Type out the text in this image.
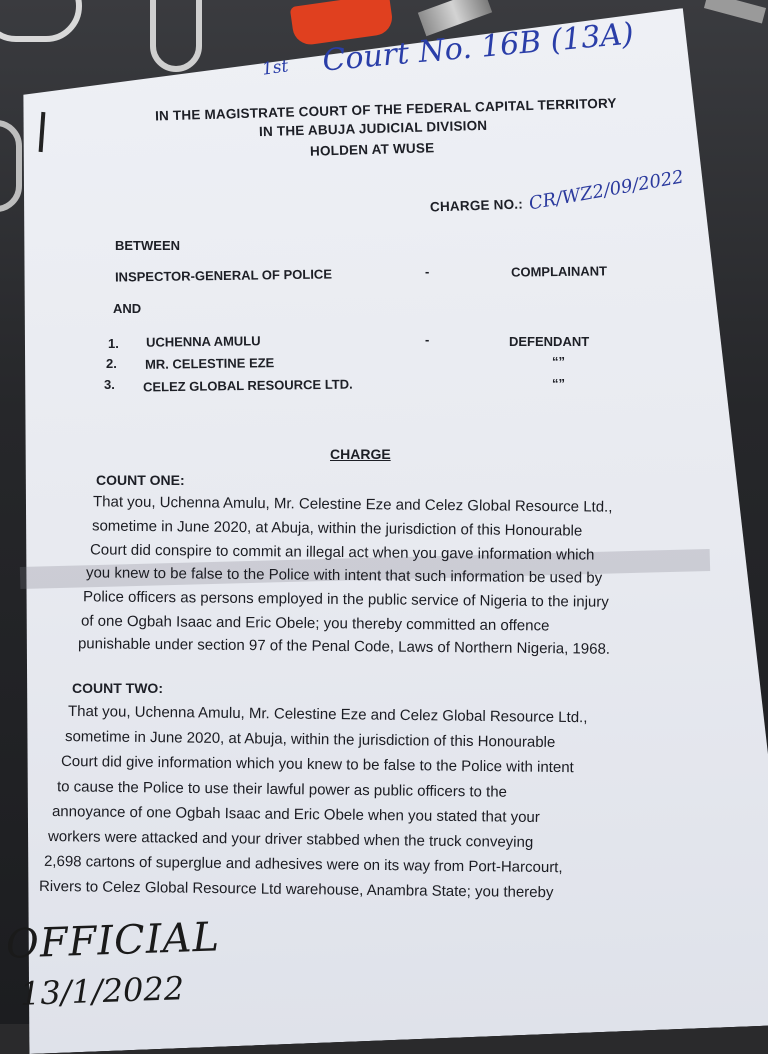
1st Court No. 16B (13A)
IN THE MAGISTRATE COURT OF THE FEDERAL CAPITAL TERRITORY
IN THE ABUJA JUDICIAL DIVISION
HOLDEN AT WUSE
CHARGE NO.: CR/WZ2/09/2022
BETWEEN
INSPECTOR-GENERAL OF POLICE	-	COMPLAINANT
AND
1. UCHENNA AMULU	-	DEFENDANT
2. MR. CELESTINE EZE	“”
3. CELEZ GLOBAL RESOURCE LTD.	“”
CHARGE
COUNT ONE:
That you, Uchenna Amulu, Mr. Celestine Eze and Celez Global Resource Ltd.,
sometime in June 2020, at Abuja, within the jurisdiction of this Honourable
Court did conspire to commit an illegal act when you gave information which
you knew to be false to the Police with intent that such information be used by
Police officers as persons employed in the public service of Nigeria to the injury
of one Ogbah Isaac and Eric Obele; you thereby committed an offence
punishable under section 97 of the Penal Code, Laws of Northern Nigeria, 1968.
COUNT TWO:
That you, Uchenna Amulu, Mr. Celestine Eze and Celez Global Resource Ltd.,
sometime in June 2020, at Abuja, within the jurisdiction of this Honourable
Court did give information which you knew to be false to the Police with intent
to cause the Police to use their lawful power as public officers to the
annoyance of one Ogbah Isaac and Eric Obele when you stated that your
workers were attacked and your driver stabbed when the truck conveying
2,698 cartons of superglue and adhesives were on its way from Port-Harcourt,
Rivers to Celez Global Resource Ltd warehouse, Anambra State; you thereby
OFFICIAL
13/1/2022
